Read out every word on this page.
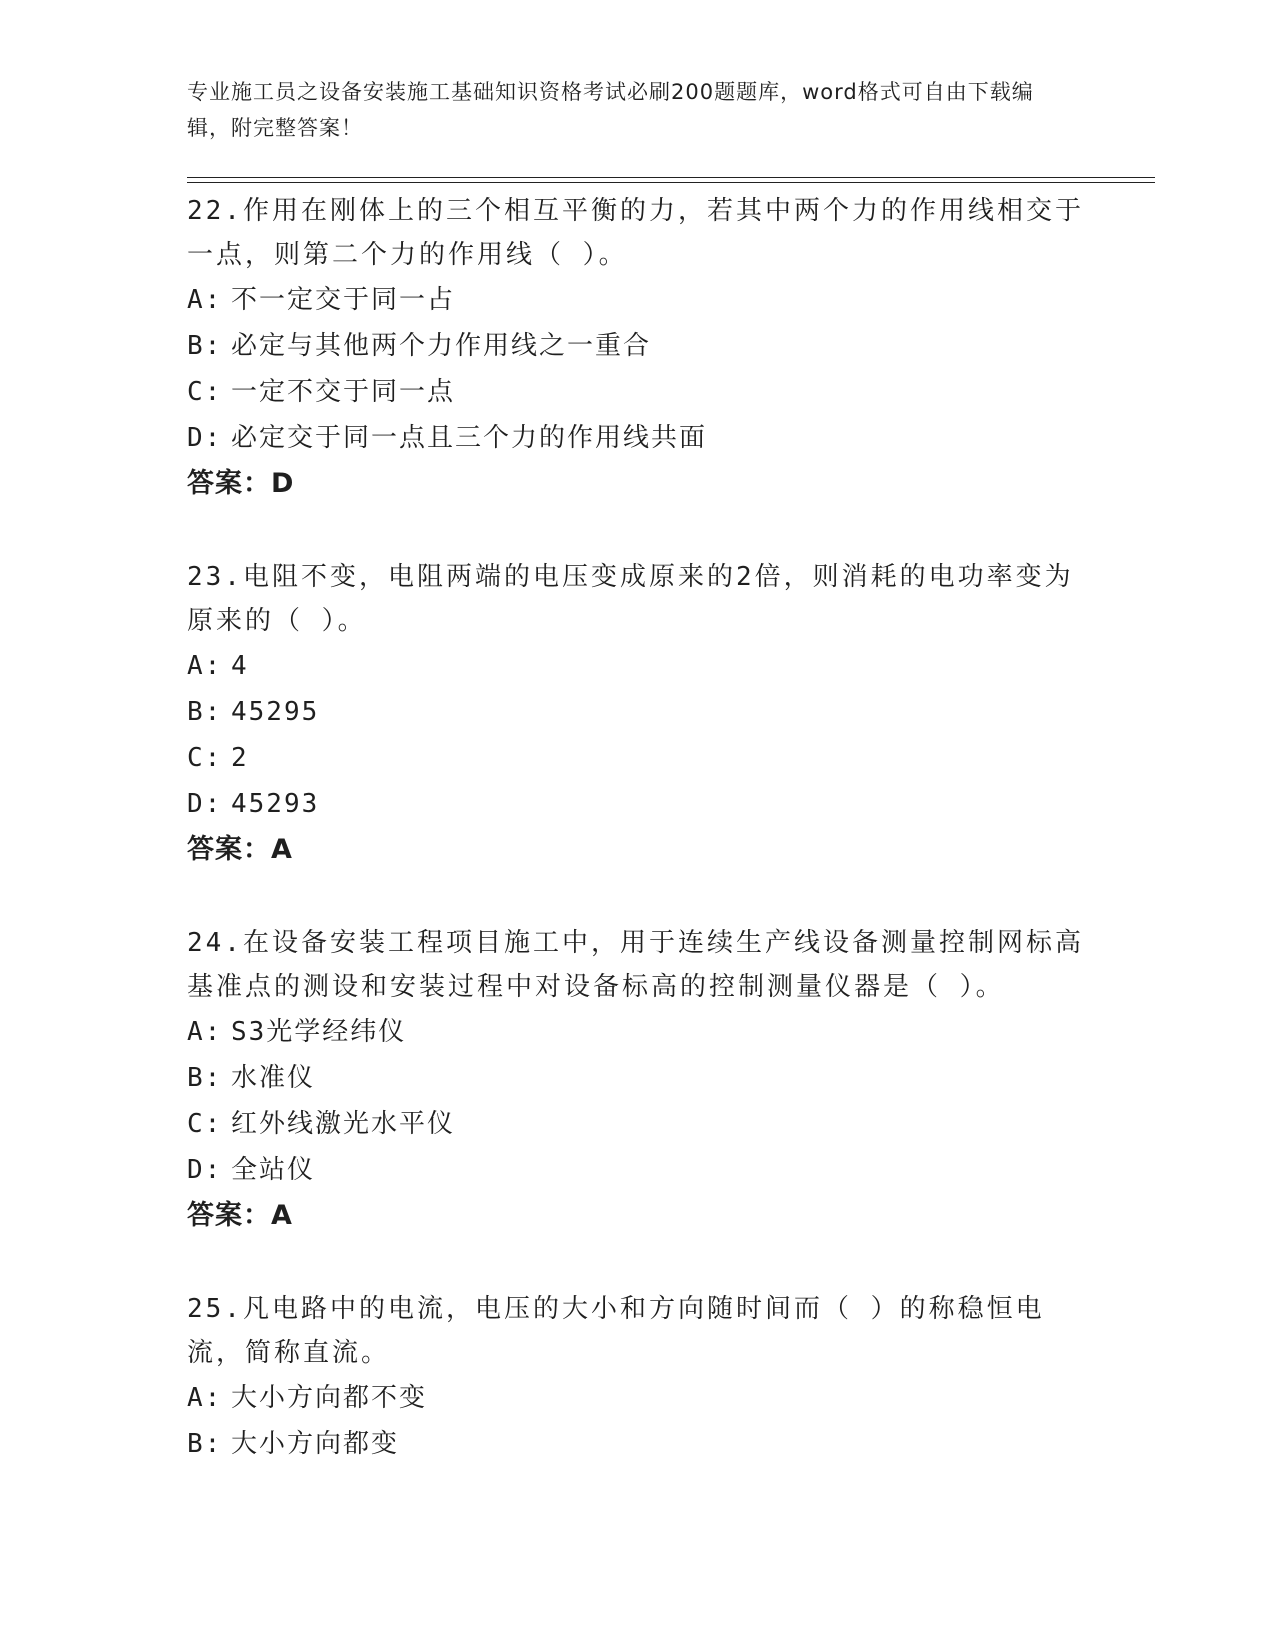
专业施工员之设备安装施工基础知识资格考试必刷200题题库，word格式可自由下载编辑，附完整答案！

22.作用在刚体上的三个相互平衡的力，若其中两个力的作用线相交于一点，则第二个力的作用线（ ）。

A: 不一定交于同一占

B: 必定与其他两个力作用线之一重合

C: 一定不交于同一点

D: 必定交于同一点且三个力的作用线共面

答案：D

23.电阻不变，电阻两端的电压变成原来的2倍，则消耗的电功率变为原来的（ ）。

A: 4

B: 45295

C: 2

D: 45293

答案：A

24.在设备安装工程项目施工中，用于连续生产线设备测量控制网标高基准点的测设和安装过程中对设备标高的控制测量仪器是（ ）。

A: S3光学经纬仪

B: 水准仪

C: 红外线激光水平仪

D: 全站仪

答案：A

25.凡电路中的电流，电压的大小和方向随时间而（ ）的称稳恒电流，简称直流。

A: 大小方向都不变

B: 大小方向都变
